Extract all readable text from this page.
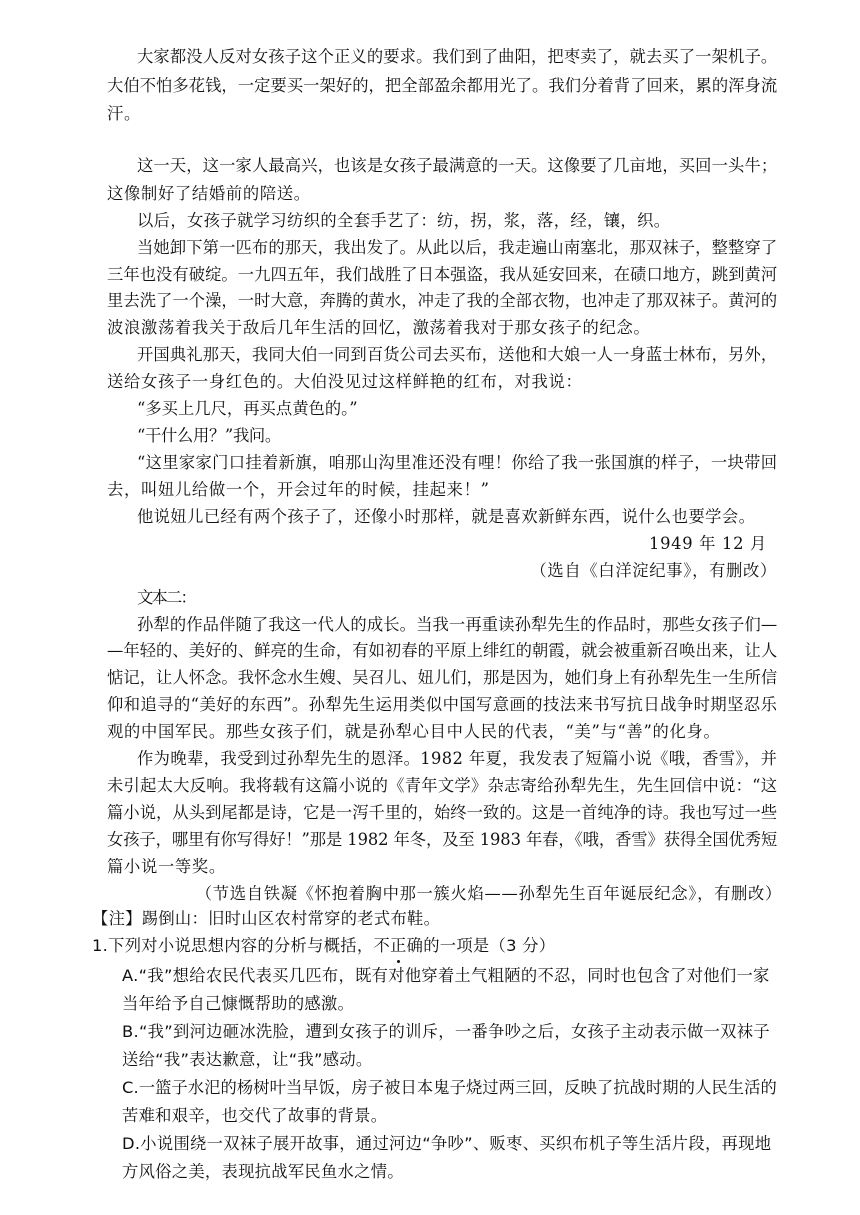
大家都没人反对女孩子这个正义的要求。我们到了曲阳，把枣卖了，就去买了一架机子。
大伯不怕多花钱，一定要买一架好的，把全部盈余都用光了。我们分着背了回来，累的浑身流
汗。
这一天，这一家人最高兴，也该是女孩子最满意的一天。这像要了几亩地，买回一头牛；
这像制好了结婚前的陪送。
以后，女孩子就学习纺织的全套手艺了：纺，拐，浆，落，经，镶，织。
当她卸下第一匹布的那天，我出发了。从此以后，我走遍山南塞北，那双袜子，整整穿了
三年也没有破绽。一九四五年，我们战胜了日本强盗，我从延安回来，在碛口地方，跳到黄河
里去洗了一个澡，一时大意，奔腾的黄水，冲走了我的全部衣物，也冲走了那双袜子。黄河的
波浪激荡着我关于敌后几年生活的回忆，激荡着我对于那女孩子的纪念。
开国典礼那天，我同大伯一同到百货公司去买布，送他和大娘一人一身蓝士林布，另外，
送给女孩子一身红色的。大伯没见过这样鲜艳的红布，对我说：
“多买上几尺，再买点黄色的。”
“干什么用？”我问。
“这里家家门口挂着新旗，咱那山沟里准还没有哩！你给了我一张国旗的样子，一块带回
去，叫妞儿给做一个，开会过年的时候，挂起来！”
他说妞儿已经有两个孩子了，还像小时那样，就是喜欢新鲜东西，说什么也要学会。
1949 年 12 月
（选自《白洋淀纪事》，有删改）
文本二：
孙犁的作品伴随了我这一代人的成长。当我一再重读孙犁先生的作品时，那些女孩子们—
—年轻的、美好的、鲜亮的生命，有如初春的平原上绯红的朝霞，就会被重新召唤出来，让人
惦记，让人怀念。我怀念水生嫂、吴召儿、妞儿们，那是因为，她们身上有孙犁先生一生所信
仰和追寻的“美好的东西”。孙犁先生运用类似中国写意画的技法来书写抗日战争时期坚忍乐
观的中国军民。那些女孩子们，就是孙犁心目中人民的代表，“美”与“善”的化身。
作为晚辈，我受到过孙犁先生的恩泽。1982 年夏，我发表了短篇小说《哦，香雪》，并
未引起太大反响。我将载有这篇小说的《青年文学》杂志寄给孙犁先生，先生回信中说：“这
篇小说，从头到尾都是诗，它是一泻千里的，始终一致的。这是一首纯净的诗。我也写过一些
女孩子，哪里有你写得好！”那是 1982 年冬，及至 1983 年春，《哦，香雪》获得全国优秀短
篇小说一等奖。
（节选自铁凝《怀抱着胸中那一簇火焰——孙犁先生百年诞辰纪念》，有删改）
【注】踢倒山：旧时山区农村常穿的老式布鞋。
1.下列对小说思想内容的分析与概括，不正确的一项是（3 分）
A.“我”想给农民代表买几匹布，既有对他穿着土气粗陋的不忍，同时也包含了对他们一家
当年给予自己慷慨帮助的感激。
B.“我”到河边砸冰洗脸，遭到女孩子的训斥，一番争吵之后，女孩子主动表示做一双袜子
送给“我”表达歉意，让“我”感动。
C.一篮子水汜的杨树叶当早饭，房子被日本鬼子烧过两三回，反映了抗战时期的人民生活的
苦难和艰辛，也交代了故事的背景。
D.小说围绕一双袜子展开故事，通过河边“争吵”、贩枣、买织布机子等生活片段，再现地
方风俗之美，表现抗战军民鱼水之情。
